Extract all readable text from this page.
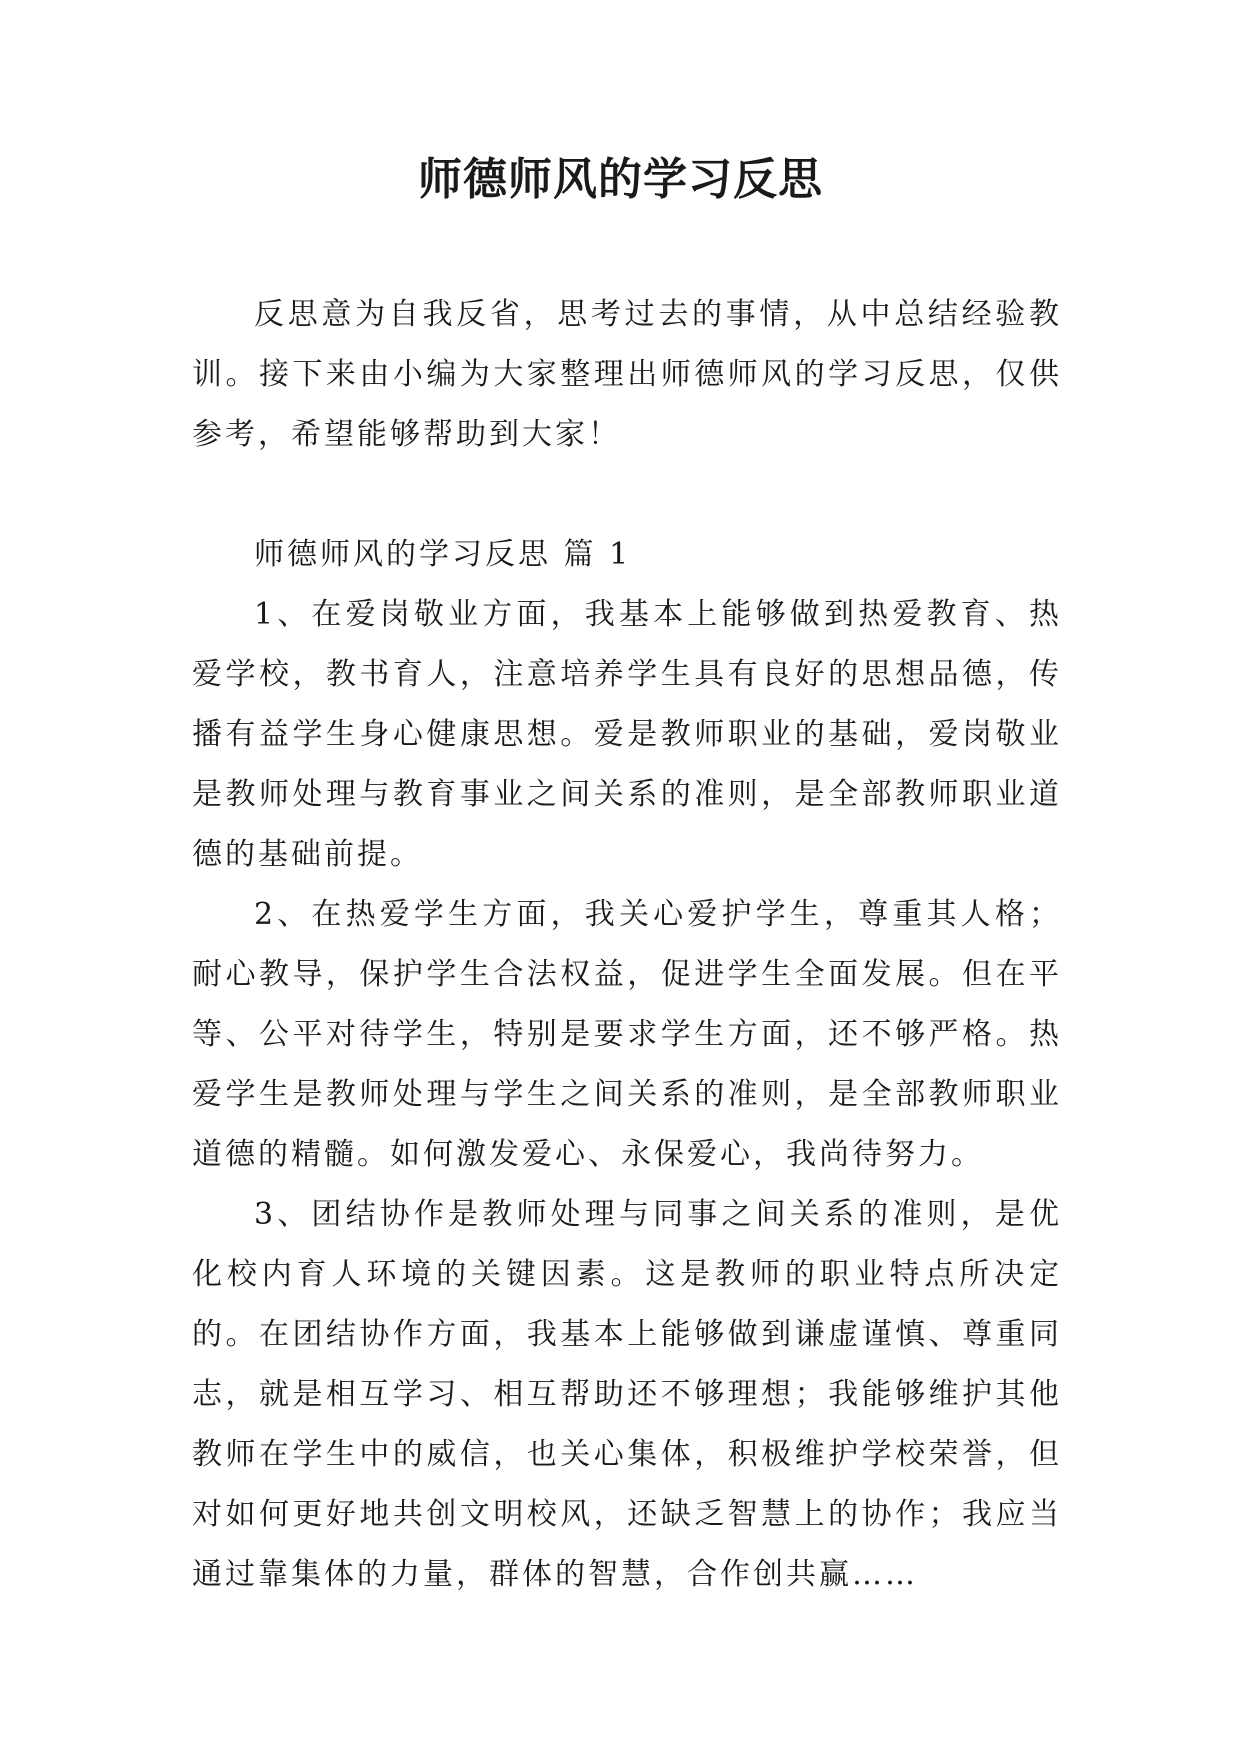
师德师风的学习反思

反思意为自我反省，思考过去的事情，从中总结经验教训。接下来由小编为大家整理出师德师风的学习反思，仅供参考，希望能够帮助到大家！

师德师风的学习反思 篇 1

1、在爱岗敬业方面，我基本上能够做到热爱教育、热爱学校，教书育人，注意培养学生具有良好的思想品德，传播有益学生身心健康思想。爱是教师职业的基础，爱岗敬业是教师处理与教育事业之间关系的准则，是全部教师职业道德的基础前提。

2、在热爱学生方面，我关心爱护学生，尊重其人格；耐心教导，保护学生合法权益，促进学生全面发展。但在平等、公平对待学生，特别是要求学生方面，还不够严格。热爱学生是教师处理与学生之间关系的准则，是全部教师职业道德的精髓。如何激发爱心、永保爱心，我尚待努力。

3、团结协作是教师处理与同事之间关系的准则，是优化校内育人环境的关键因素。这是教师的职业特点所决定的。在团结协作方面，我基本上能够做到谦虚谨慎、尊重同志，就是相互学习、相互帮助还不够理想；我能够维护其他教师在学生中的威信，也关心集体，积极维护学校荣誉，但对如何更好地共创文明校风，还缺乏智慧上的协作；我应当通过靠集体的力量，群体的智慧，合作创共赢……
